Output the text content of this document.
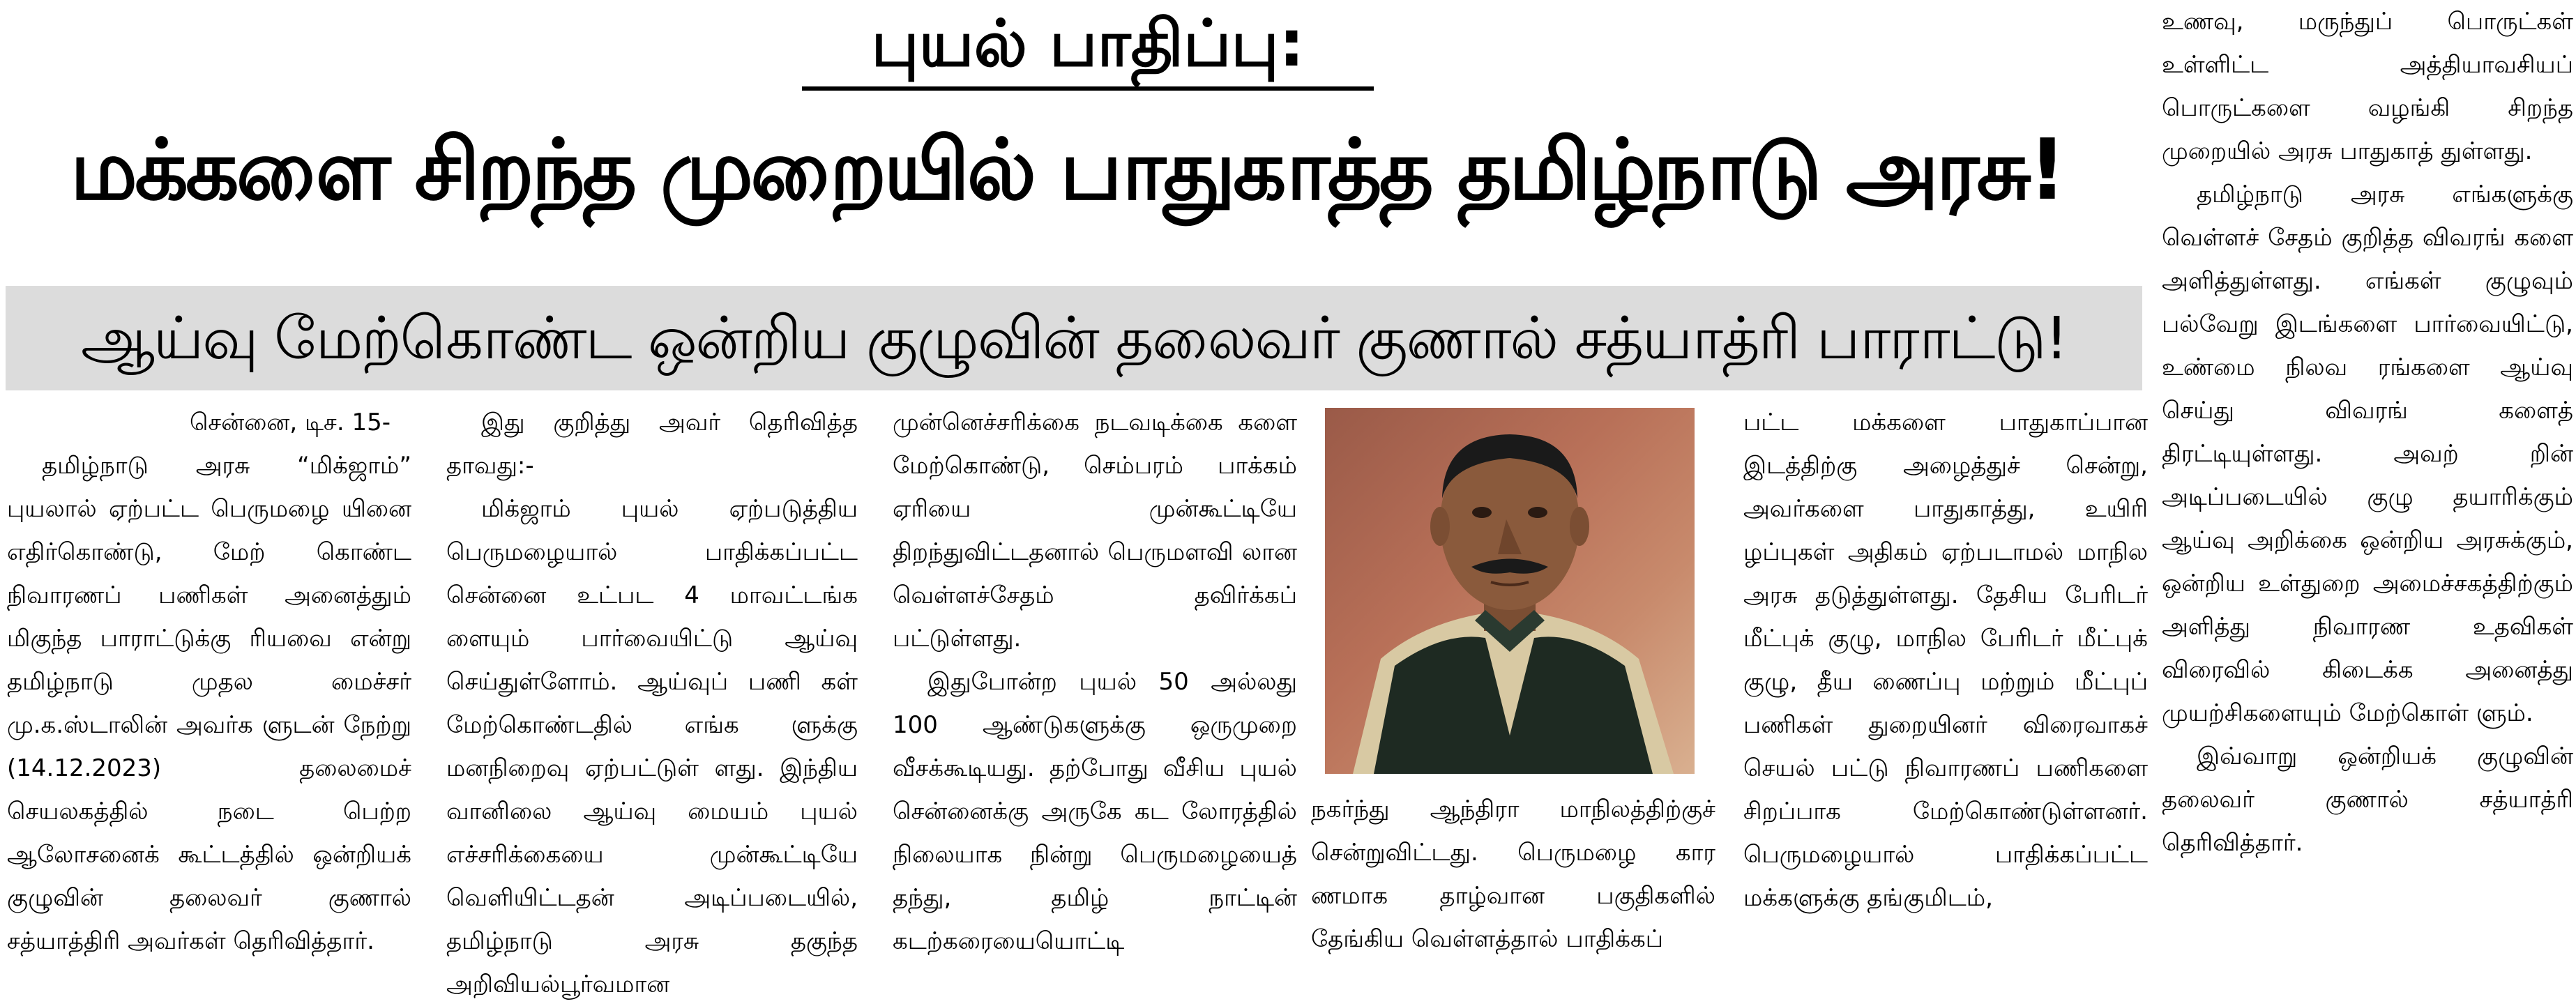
புயல் பாதிப்பு:
மக்களை சிறந்த முறையில் பாதுகாத்த தமிழ்நாடு அரசு!
ஆய்வு மேற்கொண்ட ஒன்றிய குழுவின் தலைவர் குணால் சத்யாத்ரி பாராட்டு!

சென்னை, டிச. 15-

தமிழ்நாடு அரசு “மிக்ஜாம்” புயலால் ஏற்பட்ட பெருமழை யினை எதிர்கொண்டு, மேற் கொண்ட நிவாரணப் பணிகள் அனைத்தும் மிகுந்த பாராட்டுக்கு ரியவை என்று தமிழ்நாடு முதல மைச்சர் மு.க.ஸ்டாலின் அவர்க ளுடன் நேற்று (14.12.2023) தலைமைச் செயலகத்தில் நடை பெற்ற ஆலோசனைக் கூட்டத்தில் ஒன்றியக் குழுவின் தலைவர் குணால் சத்யாத்திரி அவர்கள் தெரிவித்தார்.

இது குறித்து அவர் தெரிவித்த தாவது:-

மிக்ஜாம் புயல் ஏற்படுத்திய பெருமழையால் பாதிக்கப்பட்ட சென்னை உட்பட 4 மாவட்டங்க ளையும் பார்வையிட்டு ஆய்வு செய்துள்ளோம். ஆய்வுப் பணி கள் மேற்கொண்டதில் எங்க ளுக்கு மனநிறைவு ஏற்பட்டுள் ளது. இந்திய வானிலை ஆய்வு மையம் புயல் எச்சரிக்கையை முன்கூட்டியே வெளியிட்டதன் அடிப்படையில், தமிழ்நாடு அரசு தகுந்த அறிவியல்பூர்வமான

முன்னெச்சரிக்கை நடவடிக்கை களை மேற்கொண்டு, செம்பரம் பாக்கம் ஏரியை முன்கூட்டியே திறந்துவிட்டதனால் பெருமளவி லான வெள்ளச்சேதம் தவிர்க்கப் பட்டுள்ளது.

இதுபோன்ற புயல் 50 அல்லது 100 ஆண்டுகளுக்கு ஒருமுறை வீசக்கூடியது. தற்போது வீசிய புயல் சென்னைக்கு அருகே கட லோரத்தில் நிலையாக நின்று பெருமழையைத் தந்து, தமிழ் நாட்டின் கடற்கரையையொட்டி

நகர்ந்து ஆந்திரா மாநிலத்திற்குச் சென்றுவிட்டது. பெருமழை கார ணமாக தாழ்வான பகுதிகளில் தேங்கிய வெள்ளத்தால் பாதிக்கப்

பட்ட மக்களை பாதுகாப்பான இடத்திற்கு அழைத்துச் சென்று, அவர்களை பாதுகாத்து, உயிரி ழப்புகள் அதிகம் ஏற்படாமல் மாநில அரசு தடுத்துள்ளது. தேசிய பேரிடர் மீட்புக் குழு, மாநில பேரிடர் மீட்புக் குழு, தீய ணைப்பு மற்றும் மீட்புப் பணிகள் துறையினர் விரைவாகச் செயல் பட்டு நிவாரணப் பணிகளை சிறப்பாக மேற்கொண்டுள்ளனர். பெருமழையால் பாதிக்கப்பட்ட மக்களுக்கு தங்குமிடம்,

உணவு, மருந்துப் பொருட்கள் உள்ளிட்ட அத்தியாவசியப் பொருட்களை வழங்கி சிறந்த முறையில் அரசு பாதுகாத் துள்ளது.

தமிழ்நாடு அரசு எங்களுக்கு வெள்ளச் சேதம் குறித்த விவரங் களை அளித்துள்ளது. எங்கள் குழுவும் பல்வேறு இடங்களை பார்வையிட்டு, உண்மை நிலவ ரங்களை ஆய்வு செய்து விவரங் களைத் திரட்டியுள்ளது. அவற் றின் அடிப்படையில் குழு தயாரிக்கும் ஆய்வு அறிக்கை ஒன்றிய அரசுக்கும், ஒன்றிய உள்துறை அமைச்சகத்திற்கும் அளித்து நிவாரண உதவிகள் விரைவில் கிடைக்க அனைத்து முயற்சிகளையும் மேற்கொள் ளும்.

இவ்வாறு ஒன்றியக் குழுவின் தலைவர் குணால் சத்யாத்ரி தெரிவித்தார்.
